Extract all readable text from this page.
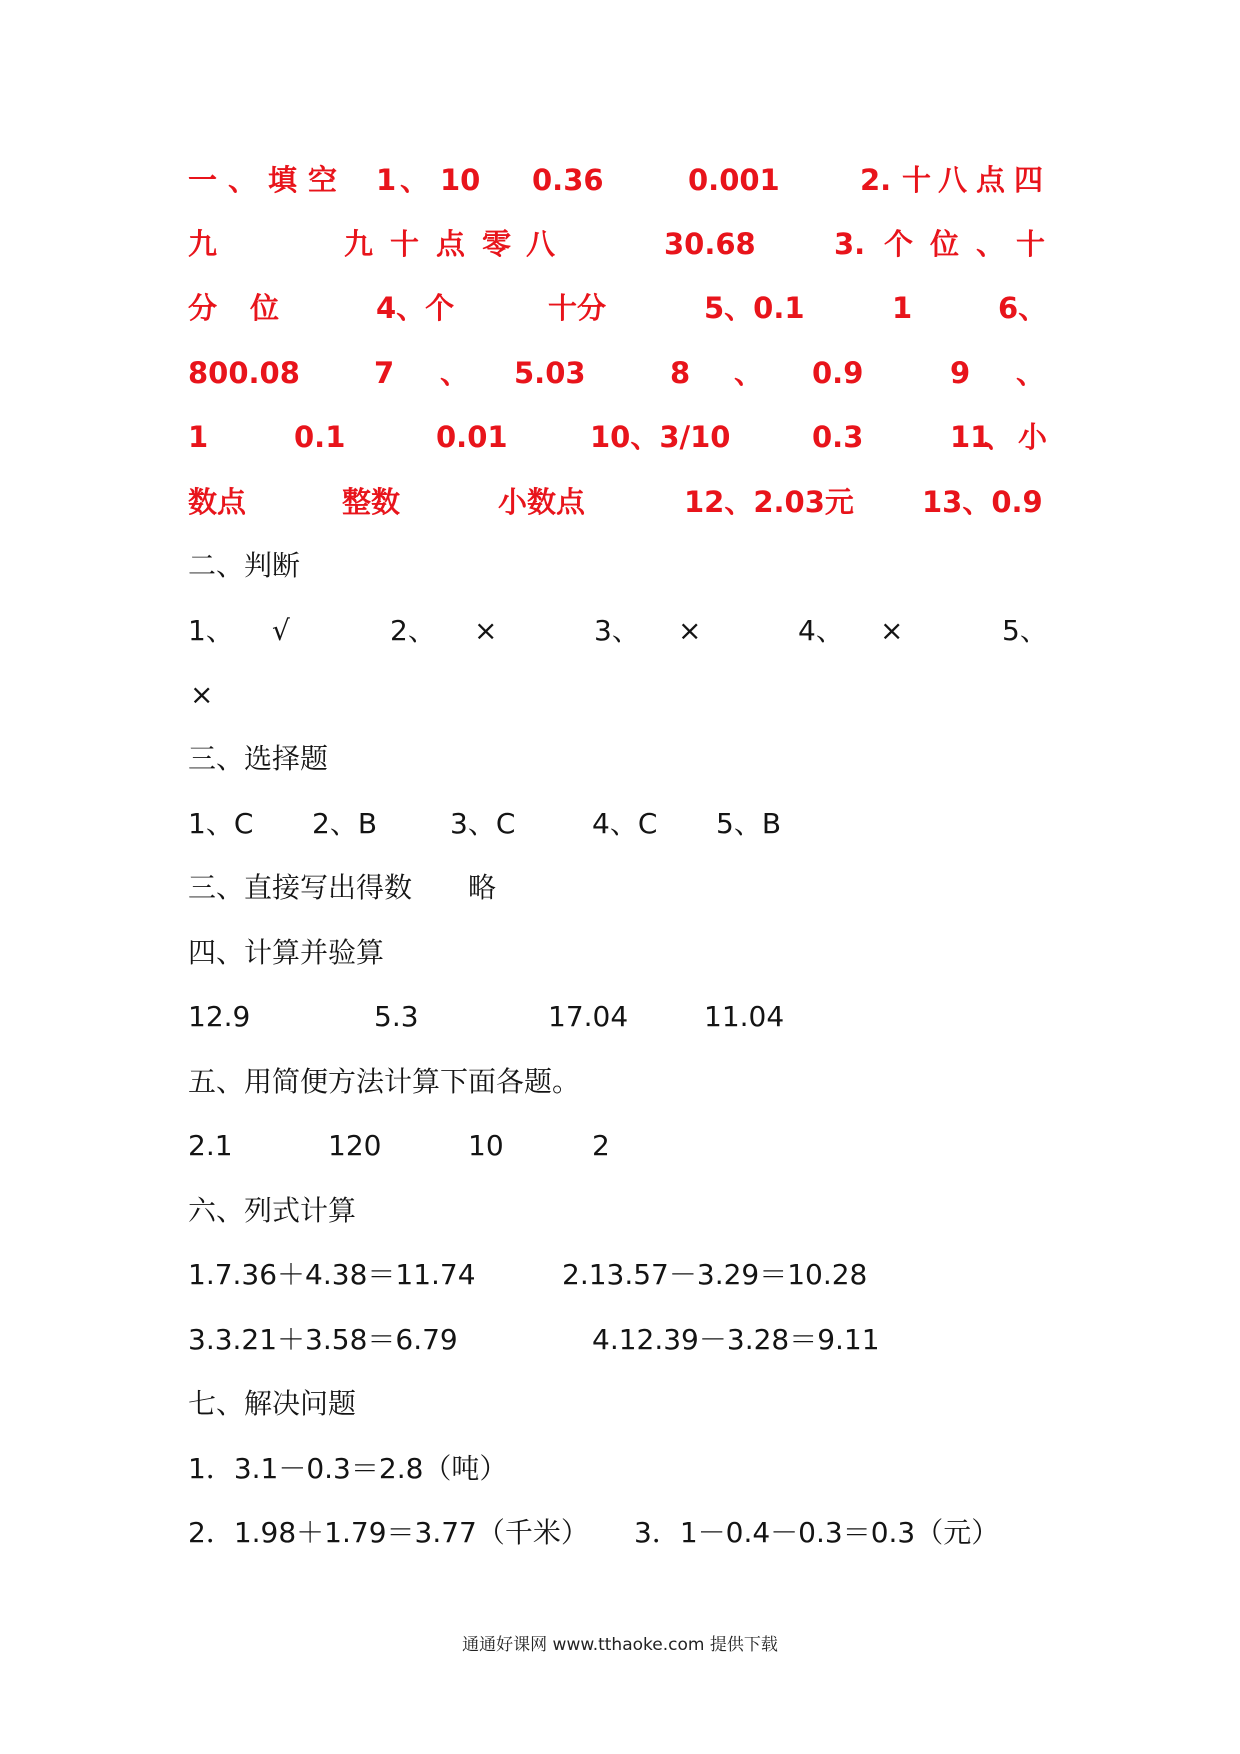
一 、 填 空 1 、 10 0.36	0.001	2. 十 八 点 四
九	九 十 点 零 八	30.68	3. 个 位 、 十
分 位	4、个	十分	5、0.1	1	6、
800.08	7 、 5.03	8 、 0.9	9 、
1	0.1	0.01	10、3/10	0.3	11
、 小
数点	整数	小数点	12、2.03元 13、0.9
二、判断
1、 √	2、 ×	3、 ×	4、 ×	5、
×
三、选择题
1、C 2、B	3、C	4、C 5、B
三、直接写出得数 略
四、计算并验算
12.9	5.3	17.04	11.04
五、用简便方法计算下面各题。
2.1	120	10	2
六、列式计算
1.7.36＋4.38＝11.74	2.13.57－3.29＝10.28
3.3.21＋3.58＝6.79	4.12.39－3.28＝9.11
七、解决问题
1．3.1－0.3＝2.8（吨）
2．1.98＋1.79＝3.77（千米） 3．1－0.4－0.3＝0.3（元）
通通好课网 www.tthaoke.com 提供下载
